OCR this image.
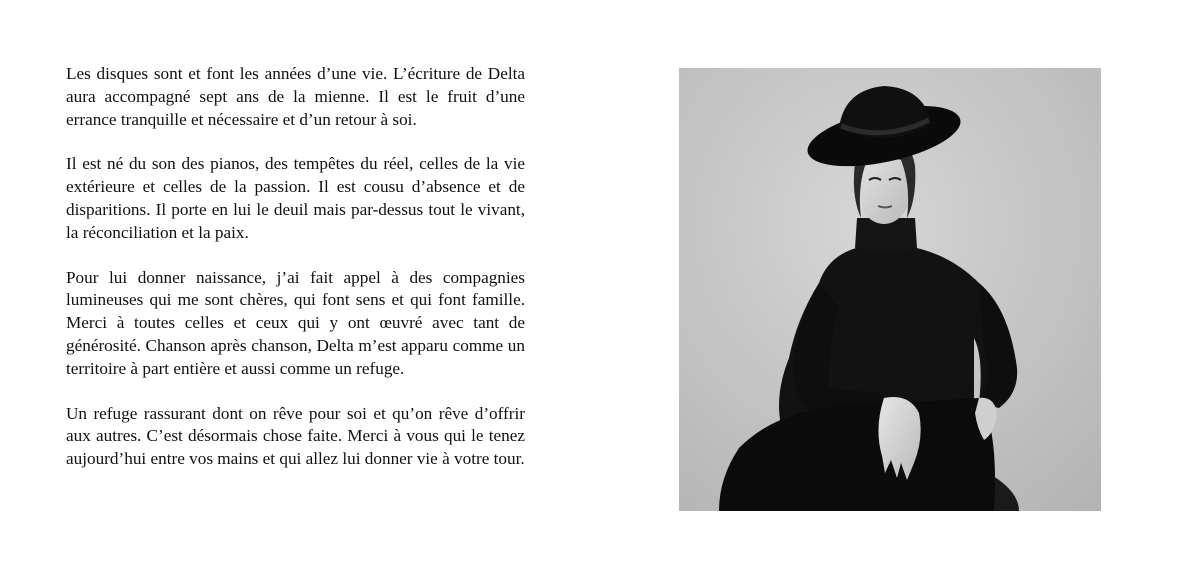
Les disques sont et font les années d’une vie. L’écriture de Delta aura accompagné sept ans de la mienne. Il est le fruit d’une errance tranquille et nécessaire et d’un retour à soi.

Il est né du son des pianos, des tempêtes du réel, celles de la vie extérieure et celles de la passion. Il est cousu d’absence et de disparitions. Il porte en lui le deuil mais par-dessus tout le vivant, la réconciliation et la paix.

Pour lui donner naissance, j’ai fait appel à des compagnies lumineuses qui me sont chères, qui font sens et qui font famille. Merci à toutes celles et ceux qui y ont œuvré avec tant de générosité. Chanson après chanson, Delta m’est apparu comme un territoire à part entière et aussi comme un refuge.

Un refuge rassurant dont on rêve pour soi et qu’on rêve d’offrir aux autres. C’est désormais chose faite. Merci à vous qui le tenez aujourd’hui entre vos mains et qui allez lui donner vie à votre tour.
